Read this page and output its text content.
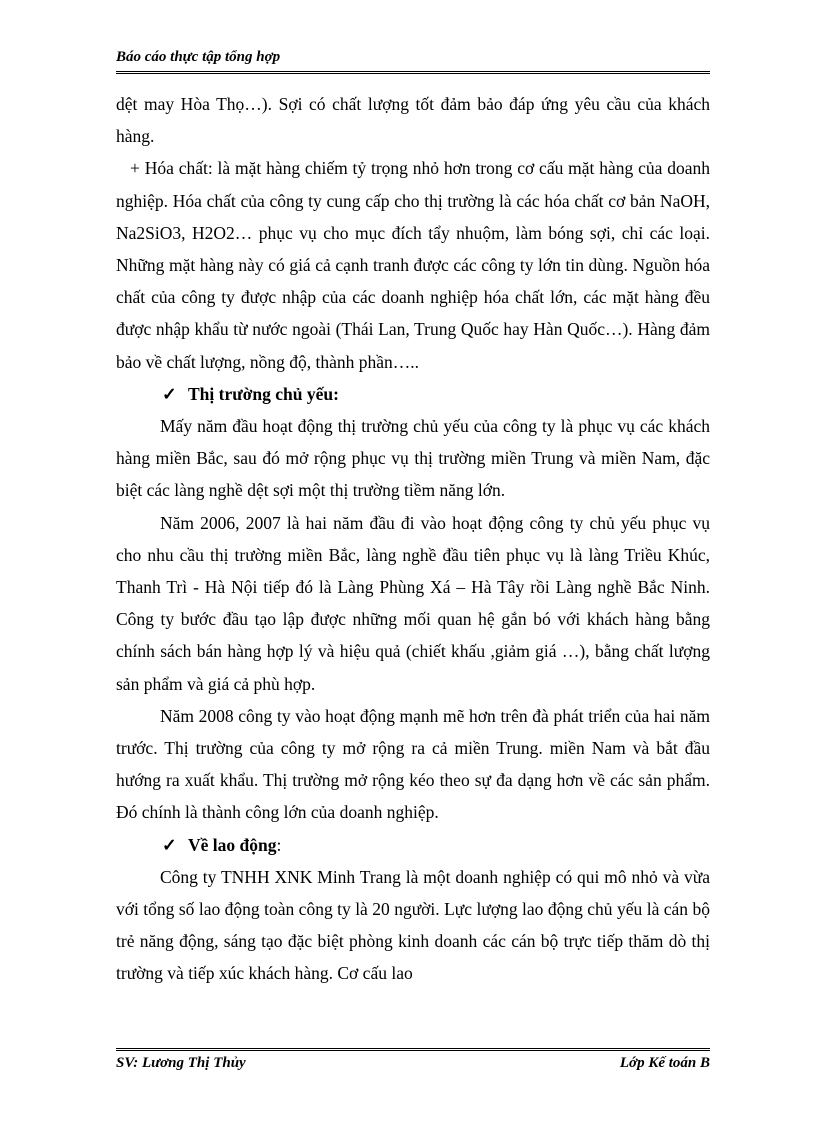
Báo cáo thực tập tổng hợp

dệt may Hòa Thọ…). Sợi có chất lượng tốt đảm bảo đáp ứng yêu cầu của khách hàng.

+ Hóa chất: là mặt hàng chiếm tỷ trọng nhỏ hơn trong cơ cấu mặt hàng của doanh nghiệp. Hóa chất của công ty cung cấp cho thị trường là các hóa chất cơ bản NaOH, Na2SiO3, H2O2… phục vụ cho mục đích tẩy nhuộm, làm bóng sợi, chỉ các loại. Những mặt hàng này có giá cả cạnh tranh được các công ty lớn tin dùng. Nguồn hóa chất của công ty được nhập của các doanh nghiệp hóa chất lớn, các mặt hàng đều được nhập khẩu từ nước ngoài (Thái Lan, Trung Quốc hay Hàn Quốc…). Hàng đảm bảo về chất lượng, nồng độ, thành phần…..

✓ Thị trường chủ yếu:

Mấy năm đầu hoạt động thị trường chủ yếu của công ty là phục vụ các khách hàng miền Bắc, sau đó mở rộng phục vụ thị trường miền Trung và miền Nam, đặc biệt các làng nghề dệt sợi một thị trường tiềm năng lớn.

Năm 2006, 2007 là hai năm đầu đi vào hoạt động công ty chủ yếu phục vụ cho nhu cầu thị trường miền Bắc, làng nghề đầu tiên phục vụ là làng Triều Khúc, Thanh Trì - Hà Nội tiếp đó là Làng Phùng Xá – Hà Tây rồi Làng nghề Bắc Ninh. Công ty bước đầu tạo lập được những mối quan hệ gắn bó với khách hàng bằng chính sách bán hàng hợp lý và hiệu quả (chiết khấu ,giảm giá …), bằng chất lượng sản phẩm và giá cả phù hợp.

Năm 2008 công ty vào hoạt động mạnh mẽ hơn trên đà phát triển của hai năm trước. Thị trường của công ty mở rộng ra cả miền Trung. miền Nam và bắt đầu hướng ra xuất khẩu. Thị trường mở rộng kéo theo sự đa dạng hơn về các sản phẩm. Đó chính là thành công lớn của doanh nghiệp.

✓ Về lao động:

Công ty TNHH XNK Minh Trang là một doanh nghiệp có qui mô nhỏ và vừa với tổng số lao động toàn công ty là 20 người. Lực lượng lao động chủ yếu là cán bộ trẻ năng động, sáng tạo đặc biệt phòng kinh doanh các cán bộ trực tiếp thăm dò thị trường và tiếp xúc khách hàng. Cơ cấu lao

SV: Lương Thị Thủy	Lớp Kế toán B
